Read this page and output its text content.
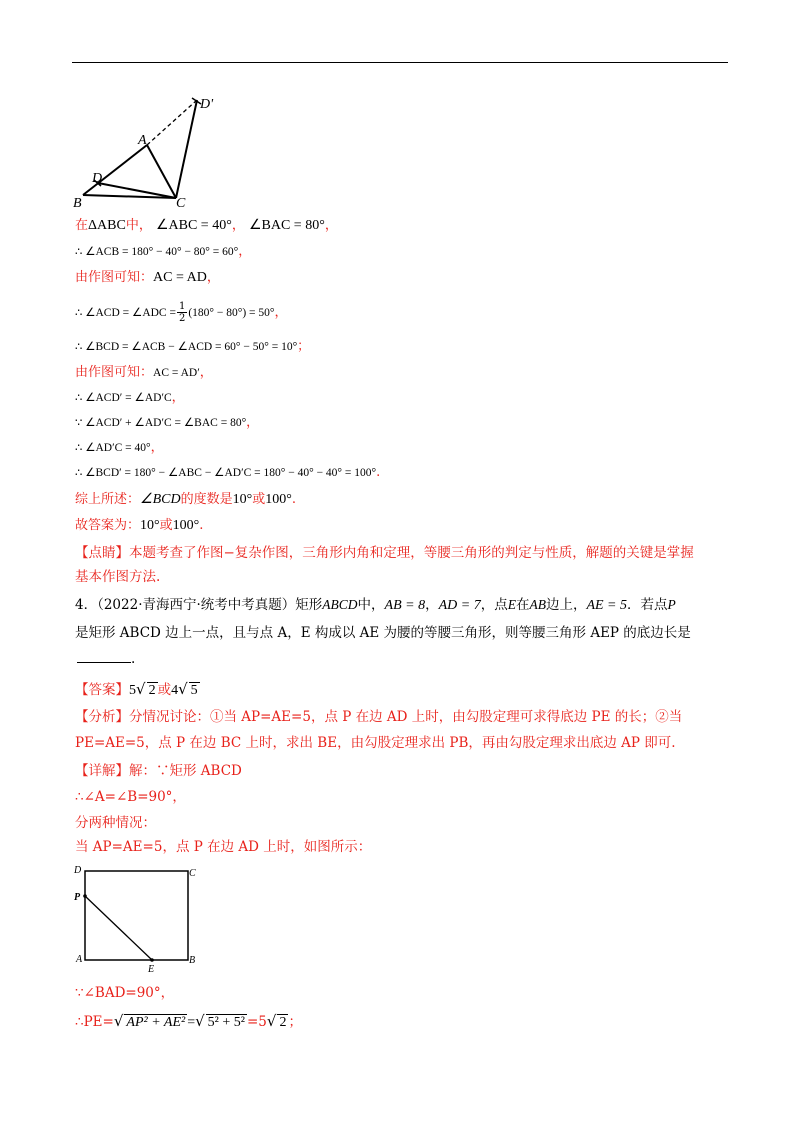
D'
A
D
B	C
在ΔABC中， ∠ABC = 40°， ∠BAC = 80°，
∴ ∠ACB = 180° − 40° − 80° = 60°，
由作图可知：AC = AD，
∴ ∠ACD = ∠ADC = $\frac{1}{2} (180^\circ - 80^\circ) = 50^\circ$，
∴ ∠BCD = ∠ACB − ∠ACD = 60° − 50° = 10°；
由作图可知：AC = AD′，
∴ ∠ACD′ = ∠AD′C，
∵ ∠ACD′ + ∠AD′C = ∠BAC = 80°，
∴ ∠AD′C = 40°，
∴ ∠BCD′ = 180° − ∠ABC − ∠AD′C = 180° − 40° − 40° = 100°.
综上所述：∠BCD的度数是10°或100°.
故答案为：10°或100°.
【点睛】本题考查了作图−复杂作图，三角形内角和定理，等腰三角形的判定与性质，解题的关键是掌握
基本作图方法.
4．（2022·青海西宁·统考中考真题）矩形ABCD中，AB = 8，AD = 7，点E在AB边上，AE = 5．若点P
是矩形 ABCD 边上一点，且与点 A，E 构成以 AE 为腰的等腰三角形，则等腰三角形 AEP 的底边长是
.
【答案】5√ 2 或4√ 5
【分析】分情况讨论：①当 AP=AE=5，点 P 在边 AD 上时，由勾股定理可求得底边 PE 的长；②当
PE=AE=5，点 P 在边 BC 上时，求出 BE，由勾股定理求出 PB，再由勾股定理求出底边 AP 即可.
【详解】解：∵矩形 ABCD
∴∠A=∠B=90°，
分两种情况：
当 AP=AE=5，点 P 在边 AD 上时，如图所示：
D	C
P
A
E
B
∵∠BAD=90°，
∴PE=√ AP² + AE² =√ 5² + 5² =5√ 2 ；
